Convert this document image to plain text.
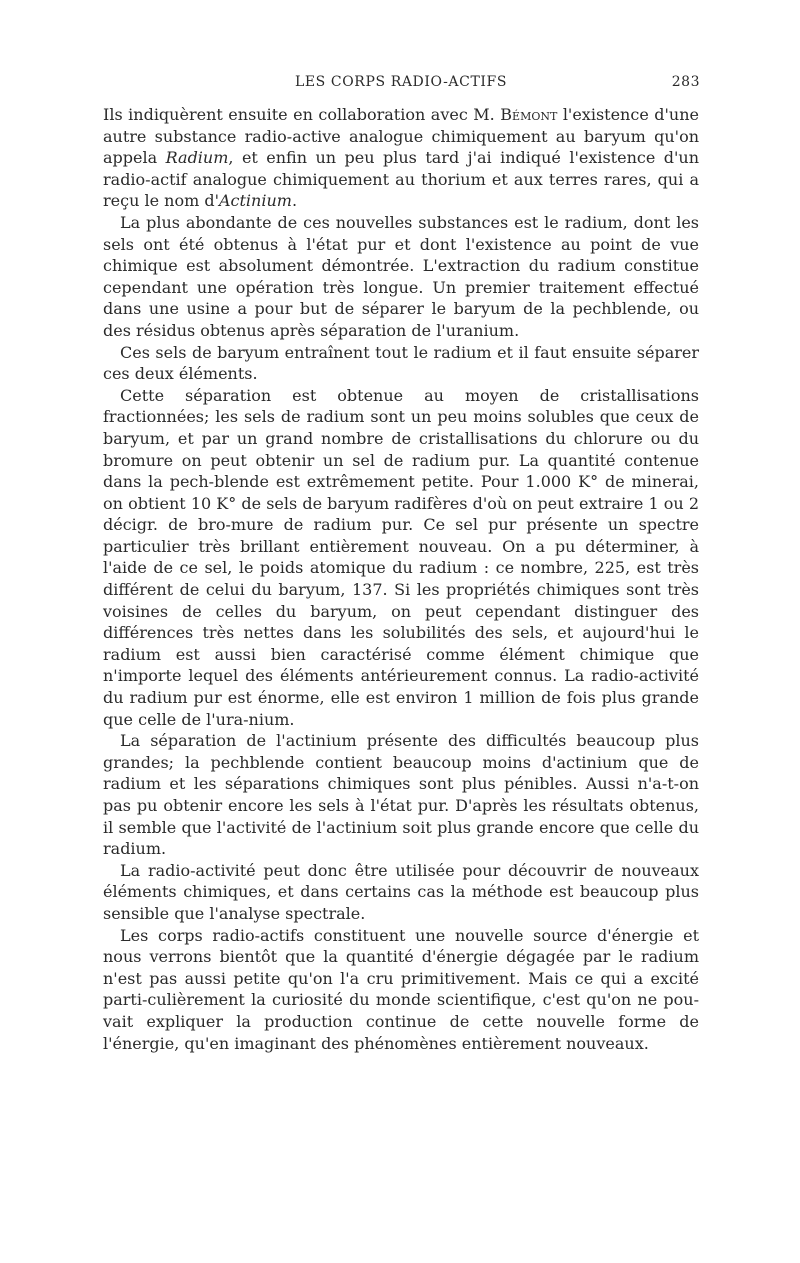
LES CORPS RADIO-ACTIFS	283

Ils indiquèrent ensuite en collaboration avec M. Bémont l'existence d'une autre substance radio-active analogue chimiquement au baryum qu'on appela Radium, et enfin un peu plus tard j'ai indiqué l'existence d'un radio-actif analogue chimiquement au thorium et aux terres rares, qui a reçu le nom d'Actinium.

La plus abondante de ces nouvelles substances est le radium, dont les sels ont été obtenus à l'état pur et dont l'existence au point de vue chimique est absolument démontrée. L'extraction du radium constitue cependant une opération très longue. Un premier traitement effectué dans une usine a pour but de séparer le baryum de la pechblende, ou des résidus obtenus après séparation de l'uranium.

Ces sels de baryum entraînent tout le radium et il faut ensuite séparer ces deux éléments.

Cette séparation est obtenue au moyen de cristallisations fractionnées; les sels de radium sont un peu moins solubles que ceux de baryum, et par un grand nombre de cristallisations du chlorure ou du bromure on peut obtenir un sel de radium pur. La quantité contenue dans la pech-blende est extrêmement petite. Pour 1.000 K° de minerai, on obtient 10 K° de sels de baryum radifères d'où on peut extraire 1 ou 2 décigr. de bro-mure de radium pur. Ce sel pur présente un spectre particulier très brillant entièrement nouveau. On a pu déterminer, à l'aide de ce sel, le poids atomique du radium : ce nombre, 225, est très différent de celui du baryum, 137. Si les propriétés chimiques sont très voisines de celles du baryum, on peut cependant distinguer des différences très nettes dans les solubilités des sels, et aujourd'hui le radium est aussi bien caractérisé comme élément chimique que n'importe lequel des éléments antérieurement connus. La radio-activité du radium pur est énorme, elle est environ 1 million de fois plus grande que celle de l'ura-nium.

La séparation de l'actinium présente des difficultés beaucoup plus grandes; la pechblende contient beaucoup moins d'actinium que de radium et les séparations chimiques sont plus pénibles. Aussi n'a-t-on pas pu obtenir encore les sels à l'état pur. D'après les résultats obtenus, il semble que l'activité de l'actinium soit plus grande encore que celle du radium.

La radio-activité peut donc être utilisée pour découvrir de nouveaux éléments chimiques, et dans certains cas la méthode est beaucoup plus sensible que l'analyse spectrale.

Les corps radio-actifs constituent une nouvelle source d'énergie et nous verrons bientôt que la quantité d'énergie dégagée par le radium n'est pas aussi petite qu'on l'a cru primitivement. Mais ce qui a excité parti-culièrement la curiosité du monde scientifique, c'est qu'on ne pou-vait expliquer la production continue de cette nouvelle forme de l'énergie, qu'en imaginant des phénomènes entièrement nouveaux.
